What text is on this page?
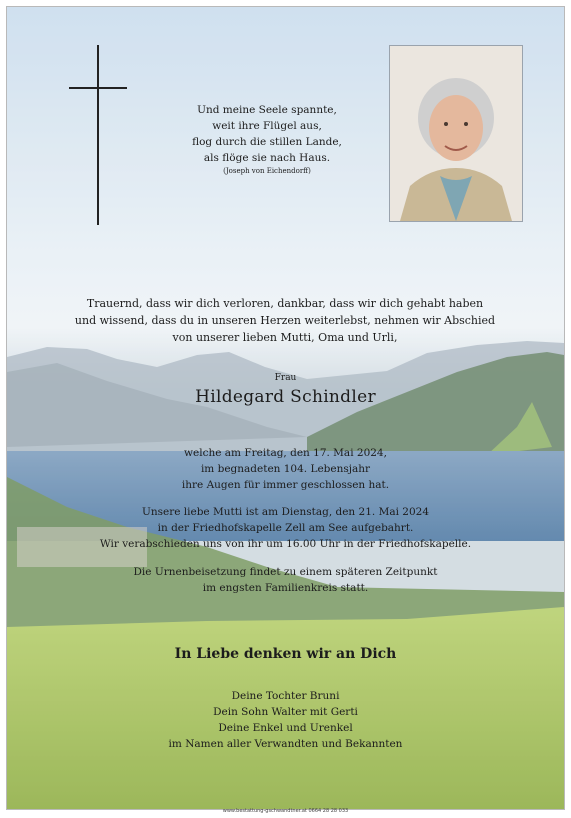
Und meine Seele spannte,
weit ihre Flügel aus,
flog durch die stillen Lande,
als flöge sie nach Haus.
(Joseph von Eichendorff)
Trauernd, dass wir dich verloren, dankbar, dass wir dich gehabt haben
und wissend, dass du in unseren Herzen weiterlebst, nehmen wir Abschied
von unserer lieben Mutti, Oma und Urli,
Frau
Hildegard Schindler
welche am Freitag, den 17. Mai 2024,
im begnadeten 104. Lebensjahr
ihre Augen für immer geschlossen hat.
Unsere liebe Mutti ist am Dienstag, den 21. Mai 2024
in der Friedhofskapelle Zell am See aufgebahrt.
Wir verabschieden uns von ihr um 16.00 Uhr in der Friedhofskapelle.
Die Urnenbeisetzung findet zu einem späteren Zeitpunkt
im engsten Familienkreis statt.
In Liebe denken wir an Dich
Deine Tochter Bruni
Dein Sohn Walter mit Gerti
Deine Enkel und Urenkel
im Namen aller Verwandten und Bekannten
www.bestattung-gschwandtner.at 0664 28 28 033
